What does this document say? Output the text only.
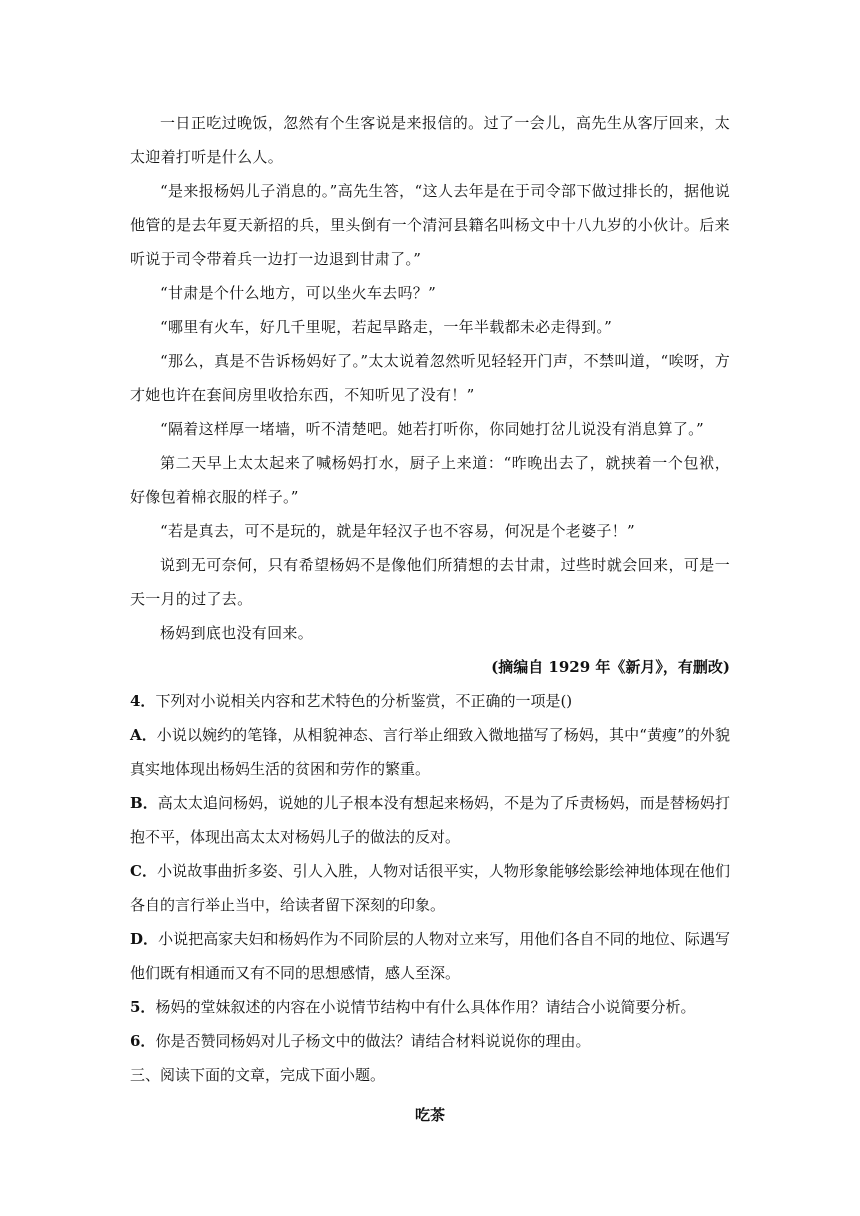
一日正吃过晚饭，忽然有个生客说是来报信的。过了一会儿，高先生从客厅回来，太太迎着打听是什么人。

“是来报杨妈儿子消息的。”高先生答，“这人去年是在于司令部下做过排长的，据他说他管的是去年夏天新招的兵，里头倒有一个清河县籍名叫杨文中十八九岁的小伙计。后来听说于司令带着兵一边打一边退到甘肃了。”

“甘肃是个什么地方，可以坐火车去吗？”

“哪里有火车，好几千里呢，若起旱路走，一年半载都未必走得到。”

“那么，真是不告诉杨妈好了。”太太说着忽然听见轻轻开门声，不禁叫道，“唉呀，方才她也许在套间房里收拾东西，不知听见了没有！”

“隔着这样厚一堵墙，听不清楚吧。她若打听你，你同她打岔儿说没有消息算了。”

第二天早上太太起来了喊杨妈打水，厨子上来道：“昨晚出去了，就挟着一个包袱，好像包着棉衣服的样子。”

“若是真去，可不是玩的，就是年轻汉子也不容易，何况是个老婆子！”

说到无可奈何，只有希望杨妈不是像他们所猜想的去甘肃，过些时就会回来，可是一天一月的过了去。

杨妈到底也没有回来。

(摘编自 1929 年《新月》，有删改)

4．下列对小说相关内容和艺术特色的分析鉴赏，不正确的一项是()

A．小说以婉约的笔锋，从相貌神态、言行举止细致入微地描写了杨妈，其中“黄瘦”的外貌真实地体现出杨妈生活的贫困和劳作的繁重。

B．高太太追问杨妈，说她的儿子根本没有想起来杨妈，不是为了斥责杨妈，而是替杨妈打抱不平，体现出高太太对杨妈儿子的做法的反对。

C．小说故事曲折多姿、引人入胜，人物对话很平实，人物形象能够绘影绘神地体现在他们各自的言行举止当中，给读者留下深刻的印象。

D．小说把高家夫妇和杨妈作为不同阶层的人物对立来写，用他们各自不同的地位、际遇写他们既有相通而又有不同的思想感情，感人至深。

5．杨妈的堂妹叙述的内容在小说情节结构中有什么具体作用？请结合小说简要分析。

6．你是否赞同杨妈对儿子杨文中的做法？请结合材料说说你的理由。

三、阅读下面的文章，完成下面小题。

吃茶
